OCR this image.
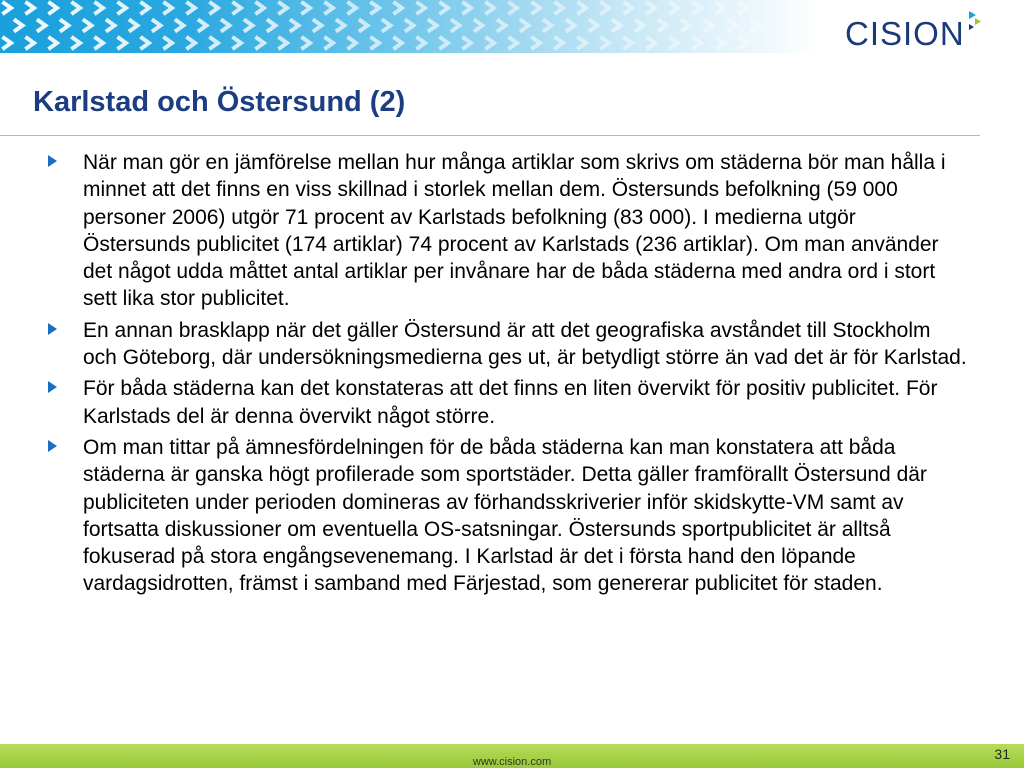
CISION
Karlstad och Östersund (2)
När man gör en jämförelse mellan hur många artiklar som skrivs om städerna bör man hålla i minnet att det finns en viss skillnad i storlek mellan dem. Östersunds befolkning (59 000 personer 2006) utgör 71 procent av Karlstads befolkning (83 000). I medierna utgör Östersunds publicitet (174 artiklar) 74 procent av Karlstads (236 artiklar). Om man använder det något udda måttet antal artiklar per invånare har de båda städerna med andra ord i stort sett lika stor publicitet.
En annan brasklapp när det gäller Östersund är att det geografiska avståndet till Stockholm och Göteborg, där undersökningsmedierna ges ut, är betydligt större än vad det är för Karlstad.
För båda städerna kan det konstateras att det finns en liten övervikt för positiv publicitet. För Karlstads del är denna övervikt något större.
Om man tittar på ämnesfördelningen för de båda städerna kan man konstatera att båda städerna är ganska högt profilerade som sportstäder. Detta gäller framförallt Östersund där publiciteten under perioden domineras av förhandsskriverier inför skidskytte-VM samt av fortsatta diskussioner om eventuella OS-satsningar. Östersunds sportpublicitet är alltså fokuserad på stora engångsevenemang. I Karlstad är det i första hand den löpande vardagsidrotten, främst i samband med Färjestad, som genererar publicitet för staden.
www.cision.com	31
